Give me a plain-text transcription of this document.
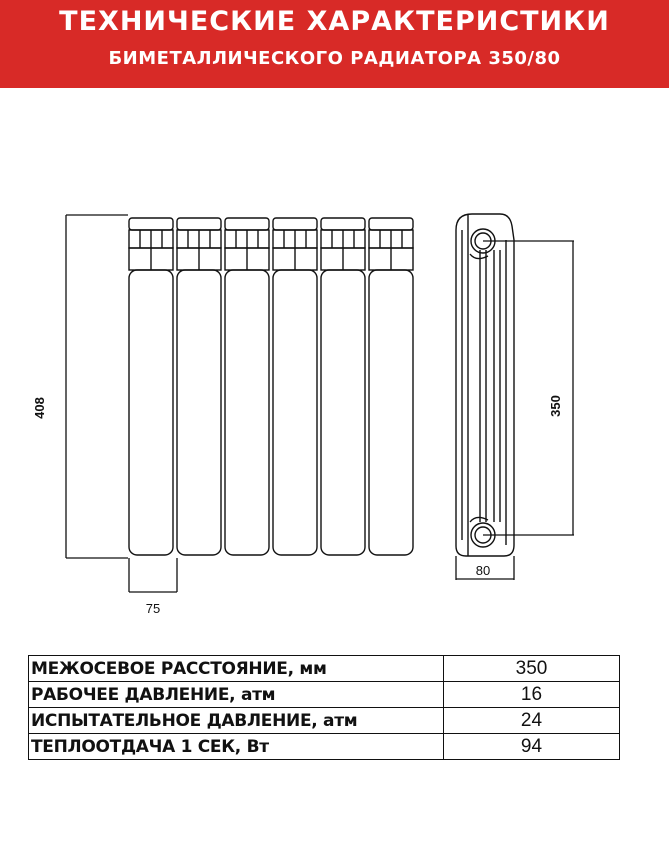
ТЕХНИЧЕСКИЕ ХАРАКТЕРИСТИКИ
БИМЕТАЛЛИЧЕСКОГО РАДИАТОРА 350/80
408
75
350
80
МЕЖОСЕВОЕ РАССТОЯНИЕ, мм	350
РАБОЧЕЕ ДАВЛЕНИЕ, атм	16
ИСПЫТАТЕЛЬНОЕ ДАВЛЕНИЕ, атм	24
ТЕПЛООТДАЧА 1 СЕК, Вт	94
